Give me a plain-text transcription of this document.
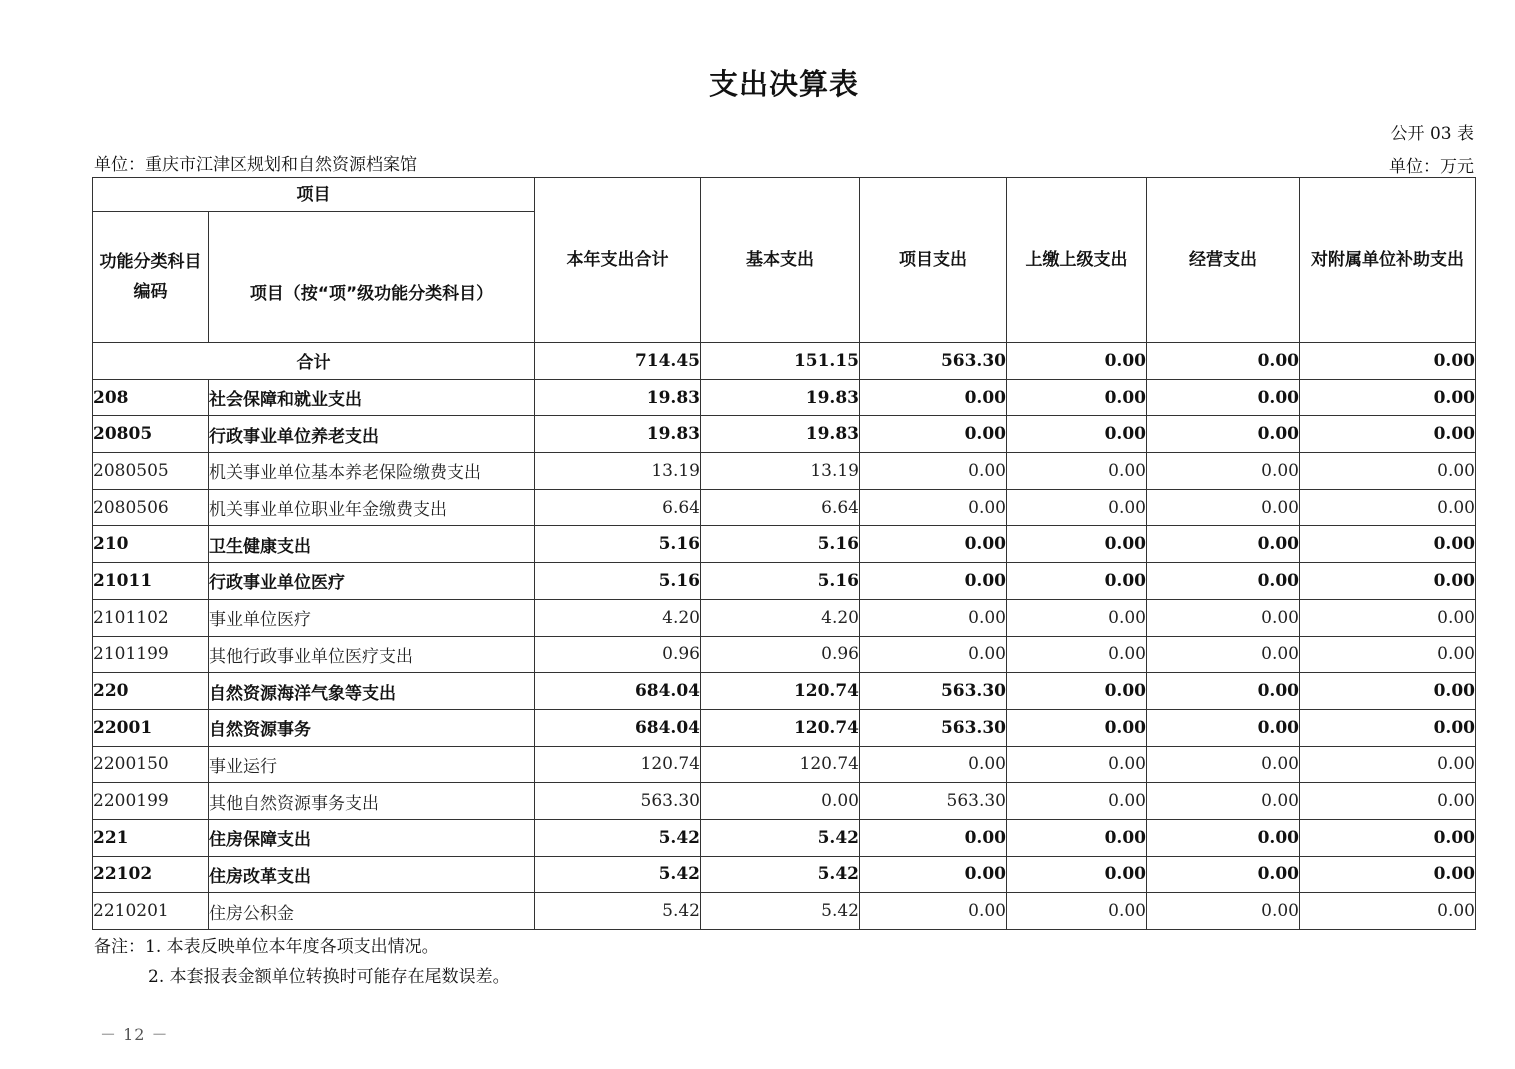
支出决算表
公开 03 表
单位：重庆市江津区规划和自然资源档案馆	单位：万元
项目		本年支出合计	基本支出	项目支出	上缴上级支出	经营支出	对附属单位补助支出

功能分类科目
编码	项目（按“项”级功能分类科目）						
合计		714.45	151.15	563.30	0.00	0.00	0.00
208	社会保障和就业支出	19.83	19.83	0.00	0.00	0.00	0.00
20805	行政事业单位养老支出	19.83	19.83	0.00	0.00	0.00	0.00
2080505	机关事业单位基本养老保险缴费支出	13.19	13.19	0.00	0.00	0.00	0.00
2080506	机关事业单位职业年金缴费支出	6.64	6.64	0.00	0.00	0.00	0.00
210	卫生健康支出	5.16	5.16	0.00	0.00	0.00	0.00
21011	行政事业单位医疗	5.16	5.16	0.00	0.00	0.00	0.00
2101102	事业单位医疗	4.20	4.20	0.00	0.00	0.00	0.00
2101199	其他行政事业单位医疗支出	0.96	0.96	0.00	0.00	0.00	0.00
220	自然资源海洋气象等支出	684.04	120.74	563.30	0.00	0.00	0.00
22001	自然资源事务	684.04	120.74	563.30	0.00	0.00	0.00
2200150	事业运行	120.74	120.74	0.00	0.00	0.00	0.00
2200199	其他自然资源事务支出	563.30	0.00	563.30	0.00	0.00	0.00
221	住房保障支出	5.42	5.42	0.00	0.00	0.00	0.00
22102	住房改革支出	5.42	5.42	0.00	0.00	0.00	0.00
2210201	住房公积金	5.42	5.42	0.00	0.00	0.00	0.00
备注：1. 本表反映单位本年度各项支出情况。
2. 本套报表金额单位转换时可能存在尾数误差。
－ 12 －
